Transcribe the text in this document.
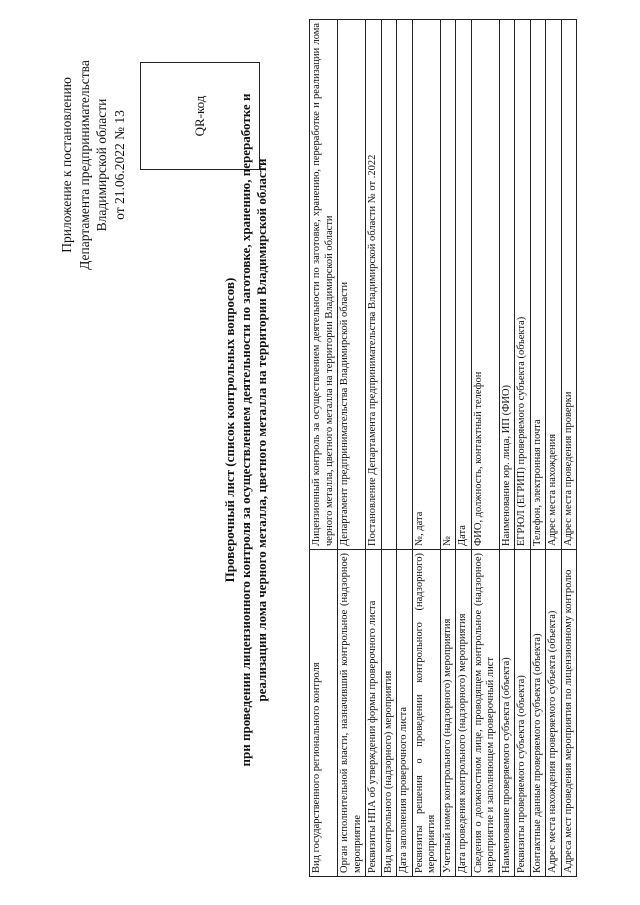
Приложение к постановлению Департамента предпринимательства Владимирской области от 21.06.2022 № 13	QR-код
Проверочный лист (список контрольных вопросов) при проведении лицензионного контроля за осуществлением деятельности по заготовке, хранению, переработке и реализации лома черного металла, цветного металла на территории Владимирской области
Вид государственного регионального контроля	Лицензионный контроль за осуществлением деятельности по заготовке, хранению, переработке и реализации лома черного металла, цветного металла на территории Владимирской области
Орган исполнительной власти, назначивший контрольное (надзорное) мероприятие	Департамент предпринимательства Владимирской области
Реквизиты НПА об утверждении формы проверочного листа	Постановление Департамента предпринимательства Владимирской области № от .2022
Вид контрольного (надзорного) мероприятия	
Дата заполнения проверочного листа	
Реквизиты решения о проведении контрольного (надзорного) мероприятия	№, дата
Учетный номер контрольного (надзорного) мероприятия	№
Дата проведения контрольного (надзорного) мероприятия	Дата
Сведения о должностном лице, проводящем контрольное (надзорное) мероприятие и заполняющем проверочный лист	ФИО, должность, контактный телефон
Наименование проверяемого субъекта (объекта)	Наименование юр. лица, ИП (ФИО)
Реквизиты проверяемого субъекта (объекта)	ЕГРЮЛ (ЕГРИП) проверяемого субъекта (объекта)
Контактные данные проверяемого субъекта (объекта)	Телефон, электронная почта
Адрес места нахождения проверяемого субъекта (объекта)	Адрес места нахождения
Адреса мест проведения мероприятия по лицензионному контролю	Адрес места проведения проверки
